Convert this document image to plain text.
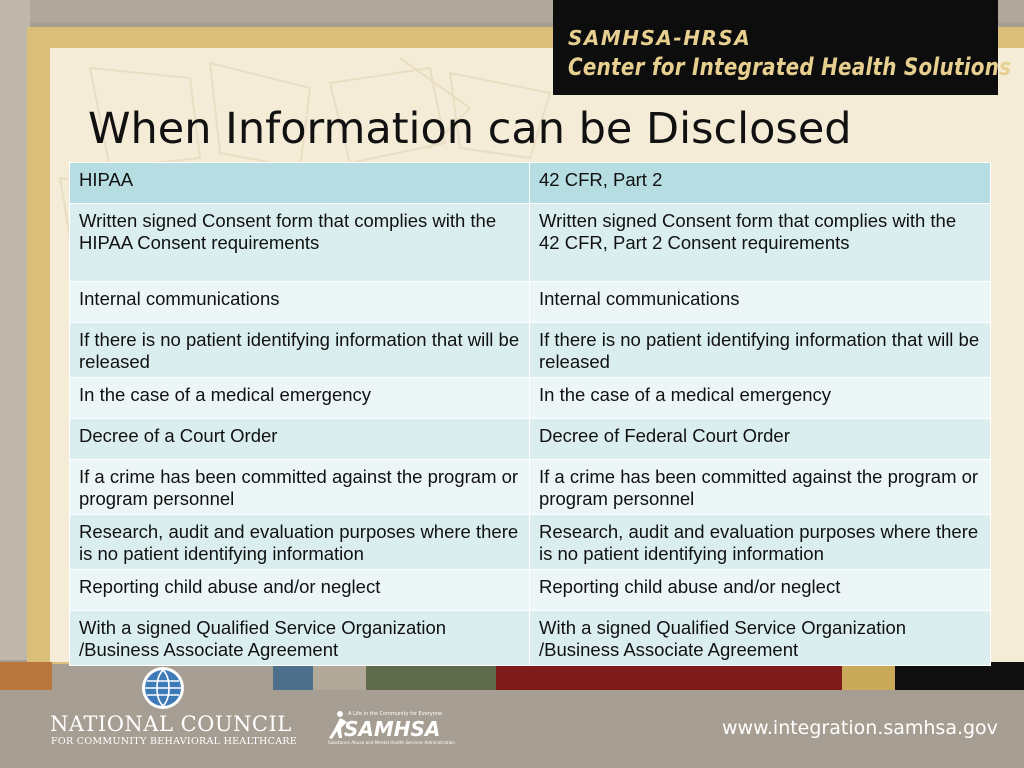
SAMHSA-HRSA
Center for Integrated Health Solutions
When Information can be Disclosed
HIPAA	42 CFR, Part 2
Written signed Consent form that complies with the HIPAA Consent requirements	Written signed Consent form that complies with the 42 CFR, Part 2 Consent requirements
Internal communications	Internal communications
If there is no patient identifying information that will be released	If there is no patient identifying information that will be released
In the case of a medical emergency	In the case of a medical emergency
Decree of a Court Order	Decree of Federal Court Order
If a crime has been committed against the program or program personnel	If a crime has been committed against the program or program personnel
Research, audit and evaluation purposes where there is no patient identifying information	Research, audit and evaluation purposes where there is no patient identifying information
Reporting child abuse and/or neglect	Reporting child abuse and/or neglect
With a signed Qualified Service Organization /Business Associate Agreement	With a signed Qualified Service Organization /Business Associate Agreement
NATIONAL COUNCIL
FOR COMMUNITY BEHAVIORAL HEALTHCARE
A Life in the Community for Everyone
SAMHSA
Substance Abuse and Mental Health Services Administration
www.integration.samhsa.gov
